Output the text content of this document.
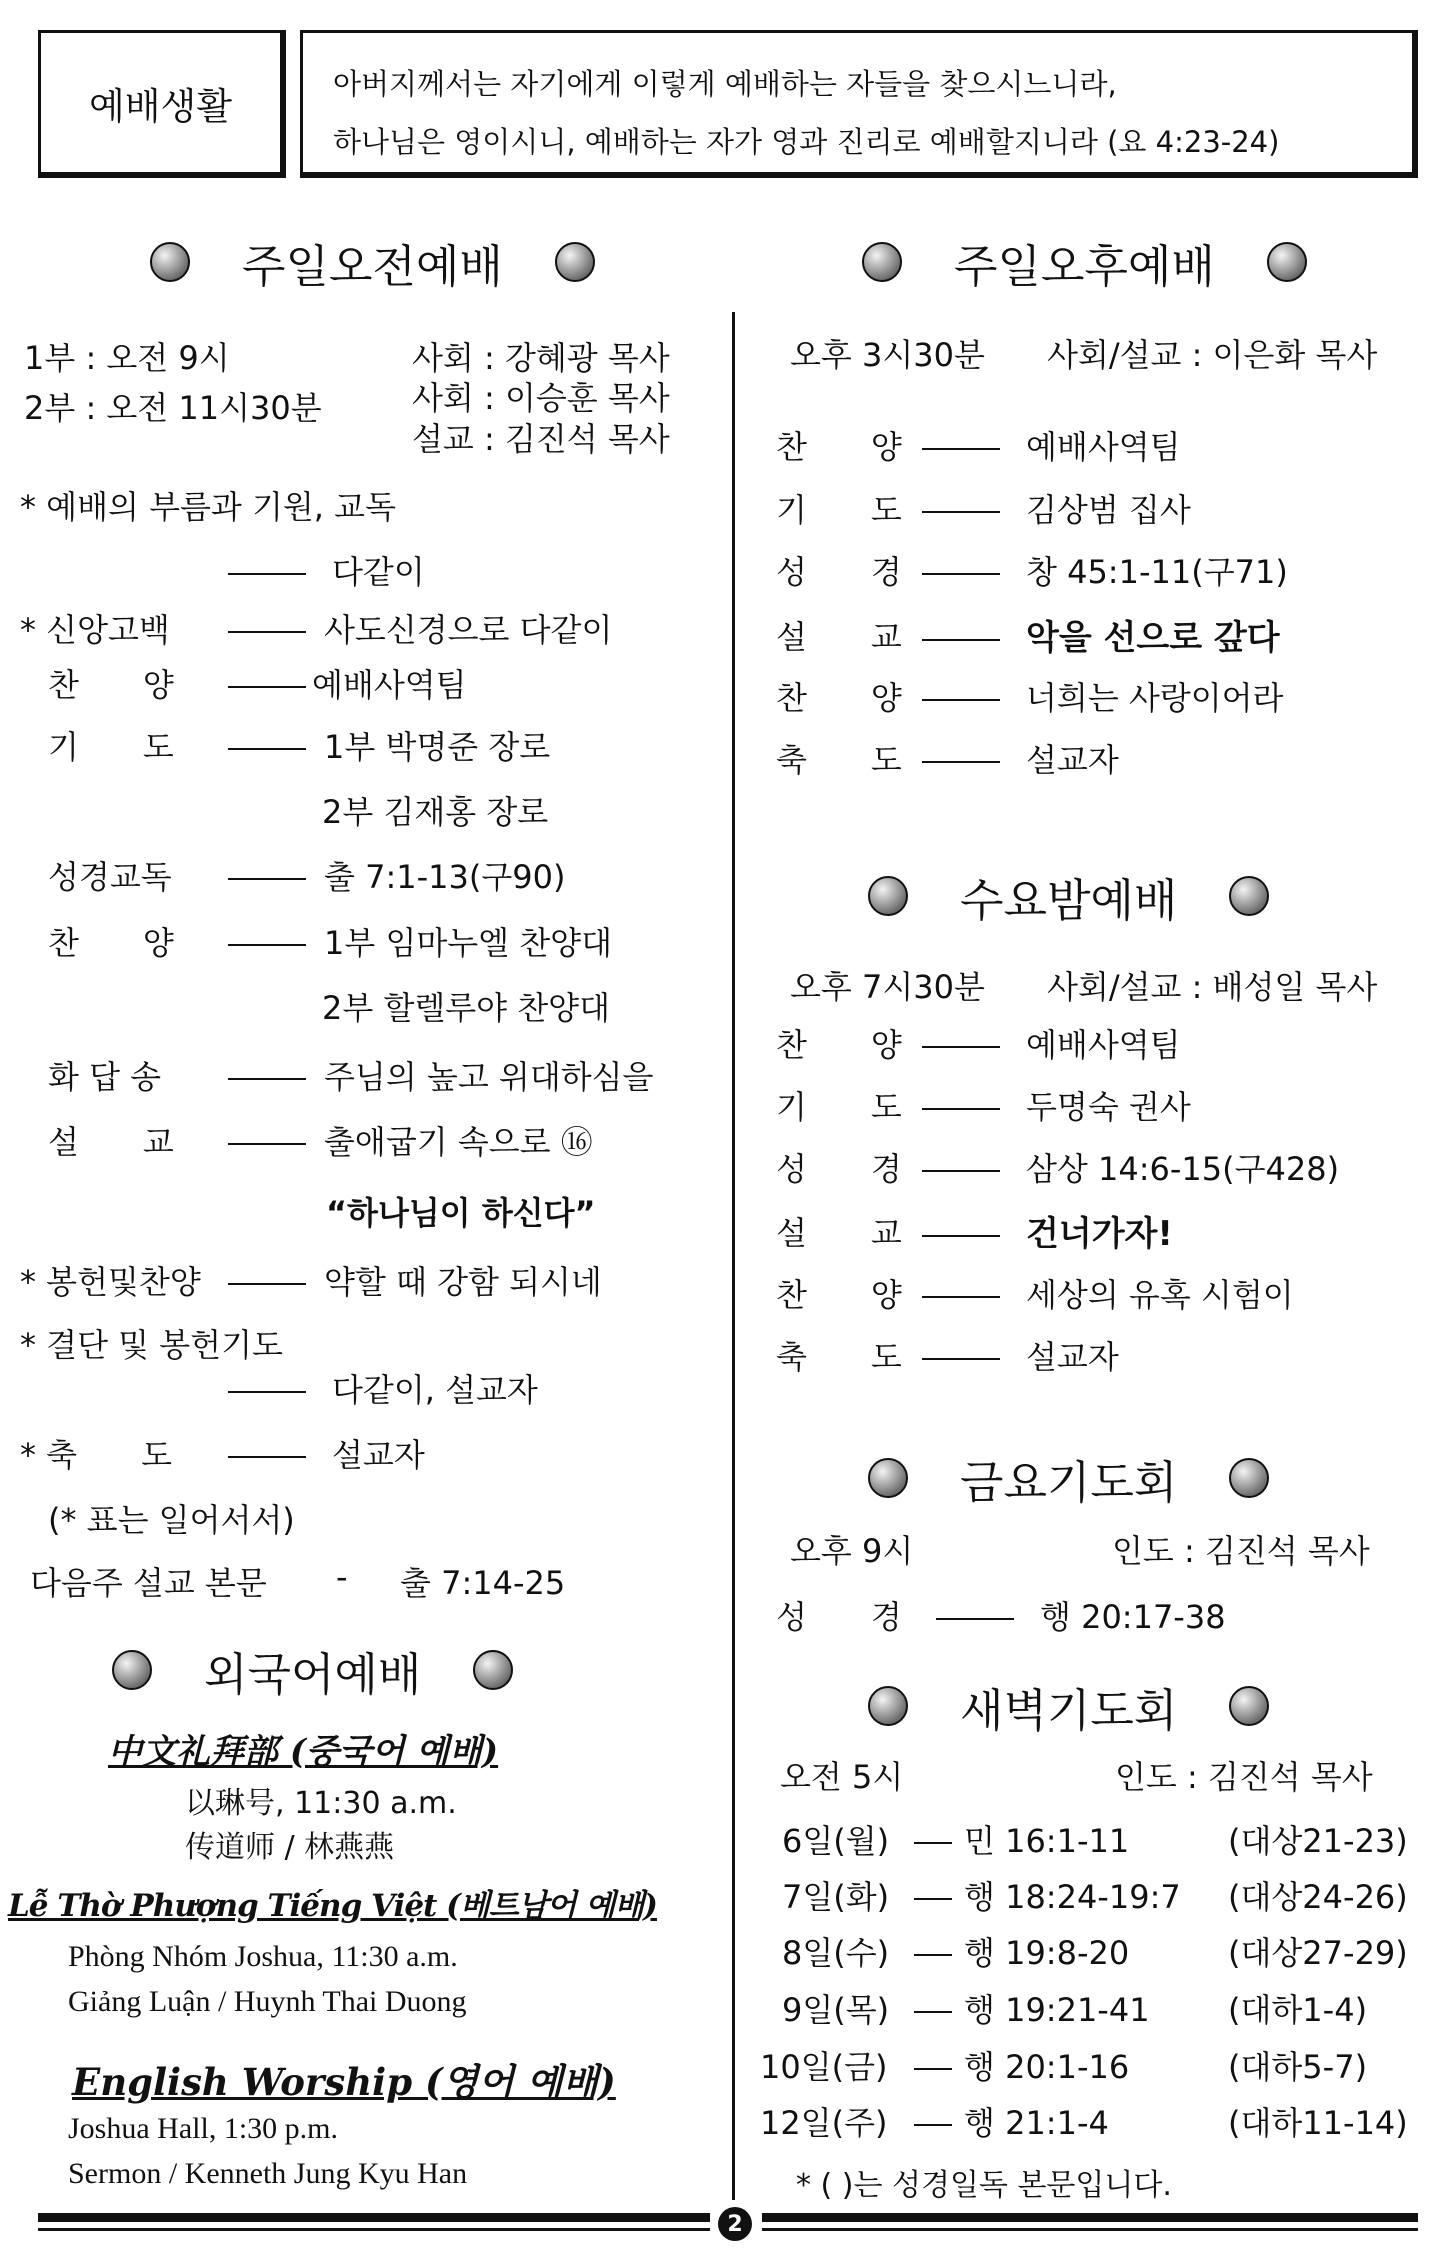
예배생활
아버지께서는 자기에게 이렇게 예배하는 자들을 찾으시느니라,
하나님은 영이시니, 예배하는 자가 영과 진리로 예배할지니라 (요 4:23-24)
주일오전예배
1부 : 오전 9시
2부 : 오전 11시30분
사회 : 강혜광 목사
사회 : 이승훈 목사
설교 : 김진석 목사
* 예배의 부름과 기원, 교독
다같이
* 신앙고백	사도신경으로 다같이
찬　　양	예배사역팀
기　　도	1부 박명준 장로
2부 김재홍 장로
성경교독	출 7:1-13(구90)
찬　　양	1부 임마누엘 찬양대
2부 할렐루야 찬양대
화 답 송	주님의 높고 위대하심을
설　　교	출애굽기 속으로 ⑯
“하나님이 하신다”
* 봉헌및찬양	약할 때 강함 되시네
* 결단 및 봉헌기도
다같이, 설교자
* 축　　도	설교자
(* 표는 일어서서)
다음주 설교 본문 - 출 7:14-25
외국어예배
中文礼拜部 (중국어 예배)
以琳号, 11:30 a.m.
传道师 / 林燕燕
Lễ Thờ Phượng Tiếng Việt (베트남어 예배)
Phòng Nhóm Joshua, 11:30 a.m.
Giảng Luận / Huynh Thai Duong
English Worship (영어 예배)
Joshua Hall, 1:30 p.m.
Sermon / Kenneth Jung Kyu Han
주일오후예배
오후 3시30분 사회/설교 : 이은화 목사
찬　　양	예배사역팀
기　　도	김상범 집사
성　　경	창 45:1-11(구71)
설　　교	악을 선으로 갚다
찬　　양	너희는 사랑이어라
축　　도	설교자
수요밤예배
오후 7시30분 사회/설교 : 배성일 목사
찬　　양	예배사역팀
기　　도	두명숙 권사
성　　경	삼상 14:6-15(구428)
설　　교	건너가자!
찬　　양	세상의 유혹 시험이
축　　도	설교자
금요기도회
오후 9시	인도 : 김진석 목사
성　　경	행 20:17-38
새벽기도회
오전 5시	인도 : 김진석 목사
6일(월)	민 16:1-11	(대상21-23)
7일(화)	행 18:24-19:7 (대상24-26)
8일(수)	행 19:8-20	(대상27-29)
9일(목)	행 19:21-41 (대하1-4)
10일(금)	행 20:1-16	(대하5-7)
12일(주)	행 21:1-4	(대하11-14)
* ( )는 성경일독 본문입니다.
2
